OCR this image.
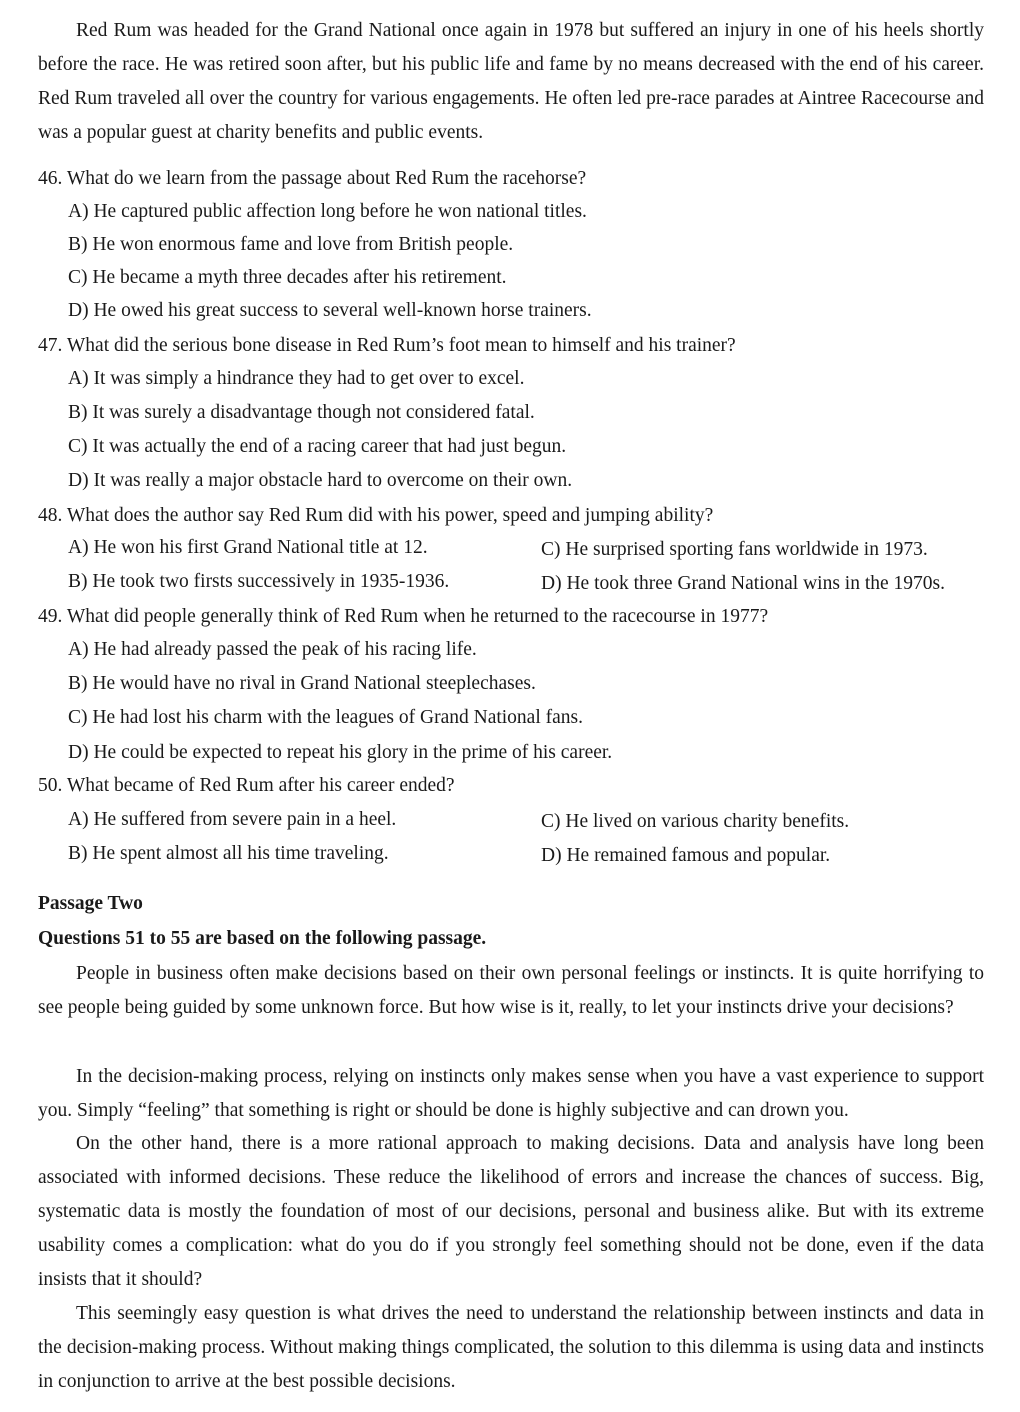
Red Rum was headed for the Grand National once again in 1978 but suffered an injury in one of his heels shortly before the race. He was retired soon after, but his public life and fame by no means decreased with the end of his career. Red Rum traveled all over the country for various engagements. He often led pre-race parades at Aintree Racecourse and was a popular guest at charity benefits and public events.

46. What do we learn from the passage about Red Rum the racehorse?

A) He captured public affection long before he won national titles.

B) He won enormous fame and love from British people.

C) He became a myth three decades after his retirement.

D) He owed his great success to several well-known horse trainers.

47. What did the serious bone disease in Red Rum’s foot mean to himself and his trainer?

A) It was simply a hindrance they had to get over to excel.

B) It was surely a disadvantage though not considered fatal.

C) It was actually the end of a racing career that had just begun.

D) It was really a major obstacle hard to overcome on their own.

48. What does the author say Red Rum did with his power, speed and jumping ability?

A) He won his first Grand National title at 12.

B) He took two firsts successively in 1935-1936.

C) He surprised sporting fans worldwide in 1973.

D) He took three Grand National wins in the 1970s.

49. What did people generally think of Red Rum when he returned to the racecourse in 1977?

A) He had already passed the peak of his racing life.

B) He would have no rival in Grand National steeplechases.

C) He had lost his charm with the leagues of Grand National fans.

D) He could be expected to repeat his glory in the prime of his career.

50. What became of Red Rum after his career ended?

A) He suffered from severe pain in a heel.

B) He spent almost all his time traveling.

C) He lived on various charity benefits.

D) He remained famous and popular.

Passage Two

Questions 51 to 55 are based on the following passage.

People in business often make decisions based on their own personal feelings or instincts. It is quite horrifying to see people being guided by some unknown force. But how wise is it, really, to let your instincts drive your decisions?

In the decision-making process, relying on instincts only makes sense when you have a vast experience to support you. Simply “feeling” that something is right or should be done is highly subjective and can drown you.

On the other hand, there is a more rational approach to making decisions. Data and analysis have long been associated with informed decisions. These reduce the likelihood of errors and increase the chances of success. Big, systematic data is mostly the foundation of most of our decisions, personal and business alike. But with its extreme usability comes a complication: what do you do if you strongly feel something should not be done, even if the data insists that it should?

This seemingly easy question is what drives the need to understand the relationship between instincts and data in the decision-making process. Without making things complicated, the solution to this dilemma is using data and instincts in conjunction to arrive at the best possible decisions.
